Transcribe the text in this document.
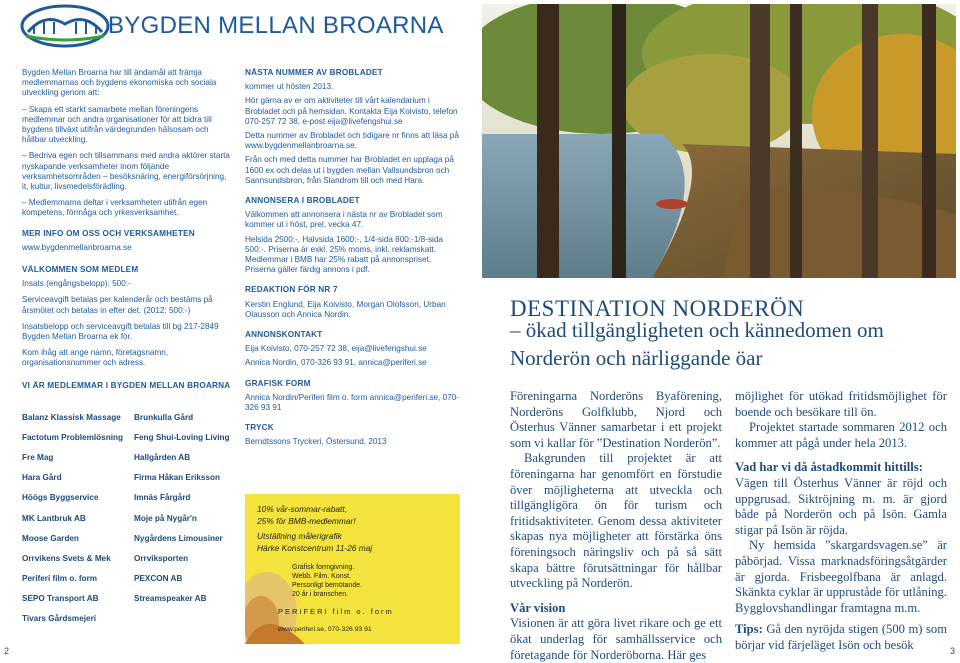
BYGDEN MELLAN BROARNA

Bygden Mellan Broarna har till ändamål att främja medlemmarnas och bygdens ekonomiska och sociala utveckling genom att:

– Skapa ett starkt samarbete mellan föreningens medlemmar och andra organisationer för att bidra till bygdens tillväxt utifrån värdegrunden hälsosam och hållbar utveckling.

– Bedriva egen och tillsammans med andra aktörer starta nyskapande verksamheter inom följande verksamhetsområden – besöksnäring, energiförsörjning, it, kultur, livsmedelsförädling.

– Medlemmarna deltar i verksamheten utifrån egen kompetens, förmåga och yrkesverksamhet.

MER INFO OM OSS OCH VERKSAMHETEN

www.bygdenmellanbroarna.se

VÄLKOMMEN SOM MEDLEM

Insats (engångsbelopp): 500:-

Serviceavgift betalas per kalenderår och bestäms på årsmötet och betalas in efter det. (2012: 500:-)

Insatsbelopp och serviceavgift betalas till bg 217-2849 Bygden Mellan Broarna ek för.

Kom ihåg att ange namn, företagsnamn, organisationsnummer och adress.

VI ÄR MEDLEMMAR I BYGDEN MELLAN BROARNA
Balanz Klassisk Massage	Brunkulla Gård
Factotum Problemlösning	Feng Shui-Loving Living
Fre Mag	Hallgården AB
Hara Gård	Firma Håkan Eriksson
Höögs Byggservice	Imnäs Fårgård
MK Lantbruk AB	Moje på Nygår'n
Moose Garden	Nygårdens Limousiner
Orrvikens Svets & Mek	Orrviksporten
Periferi film o. form	PEXCON AB
SEPO Transport AB	Streamspeaker AB
Tivars Gårdsmejeri
NÄSTA NUMMER AV BROBLADET

kommer ut hösten 2013.

Hör gärna av er om aktiviteter till vårt kalendarium i Brobladet och på hemsidan. Kontakta Eija Koivisto, telefon 070-257 72 38, e-post eija@livefengshui.se

Detta nummer av Brobladet och tidigare nr finns att läsa på www.bygdenmellanbroarna.se.

Från och med detta nummer har Brobladet en upplaga på 1600 ex och delas ut i bygden mellan Vallsundsbron och Sannsundsbron, från Slandrom till och med Hara.

ANNONSERA I BROBLADET

Välkommen att annonsera i nästa nr av Brobladet som kommer ut i höst, prel. vecka 47.

Helsida 2500:-, Halvsida 1600:-, 1/4-sida 800:-1/8-sida 500:-. Priserna är exkl. 25% moms, inkl. reklamskatt. Medlemmar i BMB har 25% rabatt på annonspriset. Priserna gäller färdig annons i pdf.

REDAKTION FÖR NR 7

Kerstin Englund, Eija Koivisto, Morgan Olofsson, Urban Olausson och Annica Nordin.

ANNONSKONTAKT

Eija Koivisto, 070-257 72 38, eija@livefengshui.se

Annica Nordin, 070-326 93 91, annica@periferi.se

GRAFISK FORM

Annica Nordin/Periferi film o. form annica@periferi.se, 070-326 93 91

TRYCK

Berndtssons Tryckeri, Östersund, 2013

10% vår-sommar-rabatt,
25% för BMB-medlemmar!
Utställning målerigrafik
Härke Konstcentrum 11-26 maj
Grafisk formgivning.
Webb. Film. Konst.
Personligt bemötande.
20 år i branschen.
PERIFERI film o. form
www.periferi.se, 070-326 93 91
DESTINATION NORDERÖN
– ökad tillgängligheten och kännedomen om
Norderön och närliggande öar

Föreningarna Norderöns Byaförening, Norderöns Golfklubb, Njord och Österhus Vänner samarbetar i ett projekt som vi kallar för ”Destination Norderön”.

Bakgrunden till projektet är att föreningarna har genomfört en förstudie över möjligheterna att utveckla och tillgängligöra ön för turism och fritidsaktiviteter. Genom dessa aktiviteter skapas nya möjligheter att förstärka öns föreningsoch näringsliv och på så sätt skapa bättre förutsättningar för hållbar utveckling på Norderön.

Vår vision

Visionen är att göra livet rikare och ge ett ökat underlag för samhällsservice och företagande för Norderöborna. Här ges

möjlighet för utökad fritidsmöjlighet för boende och besökare till ön.

Projektet startade sommaren 2012 och kommer att pågå under hela 2013.

Vad har vi då åstadkommit hittills:

Vägen till Österhus Vänner är röjd och uppgrusad. Siktröjning m. m. är gjord både på Norderön och på Isön. Gamla stigar på Isön är röjda.

Ny hemsida ”skargardsvagen.se” är påbörjad. Vissa marknadsföringsåtgärder är gjorda. Frisbeegolfbana är anlagd. Skänkta cyklar är uppruståde för utlåning. Bygglovshandlingar framtagna m.m.

Tips: Gå den nyröjda stigen (500 m) som börjar vid färjeläget Isön och besök

2	3
